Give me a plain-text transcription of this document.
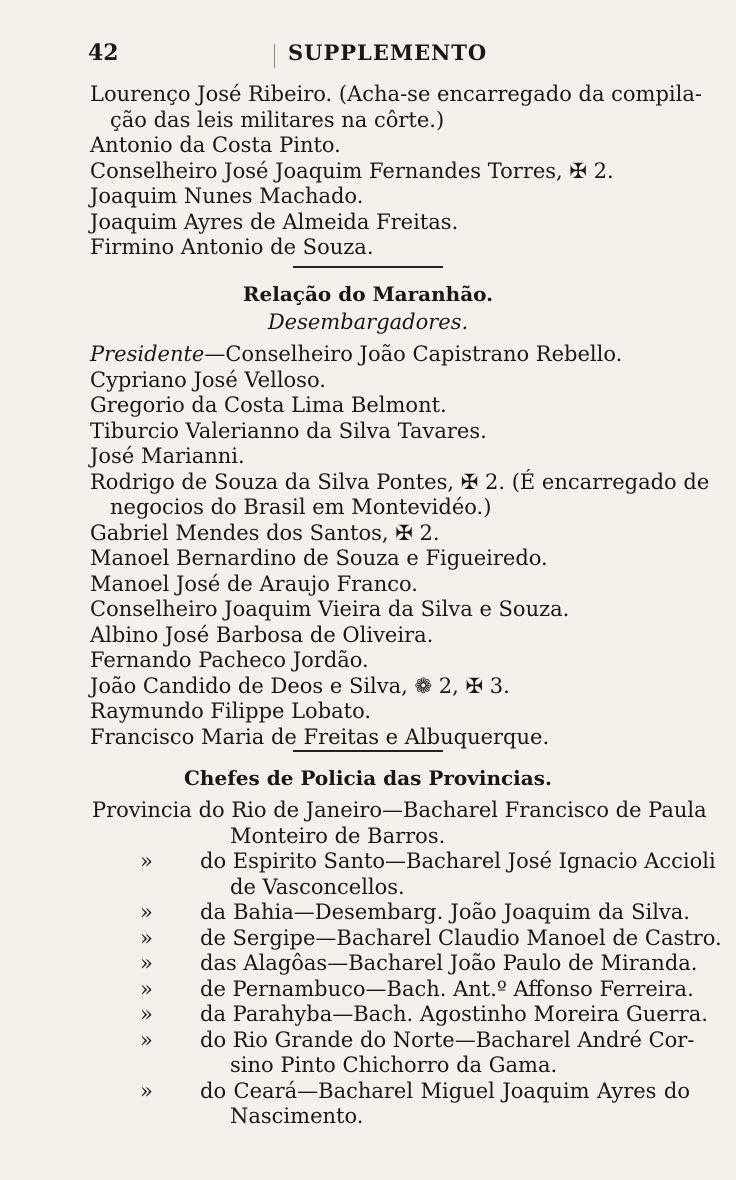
42	SUPPLEMENTO
Lourenço José Ribeiro. (Acha-se encarregado da compila-
ção das leis militares na côrte.)
Antonio da Costa Pinto.
Conselheiro José Joaquim Fernandes Torres, ✠ 2.
Joaquim Nunes Machado.
Joaquim Ayres de Almeida Freitas.
Firmino Antonio de Souza.
Relação do Maranhão.
Desembargadores.
Presidente—Conselheiro João Capistrano Rebello.
Cypriano José Velloso.
Gregorio da Costa Lima Belmont.
Tiburcio Valerianno da Silva Tavares.
José Marianni.
Rodrigo de Souza da Silva Pontes, ✠ 2. (É encarregado de
negocios do Brasil em Montevidéo.)
Gabriel Mendes dos Santos, ✠ 2.
Manoel Bernardino de Souza e Figueiredo.
Manoel José de Araujo Franco.
Conselheiro Joaquim Vieira da Silva e Souza.
Albino José Barbosa de Oliveira.
Fernando Pacheco Jordão.
João Candido de Deos e Silva, ❁ 2, ✠ 3.
Raymundo Filippe Lobato.
Francisco Maria de Freitas e Albuquerque.
Chefes de Policia das Provincias.
Provincia do Rio de Janeiro—Bacharel Francisco de Paula
Monteiro de Barros.
» do Espirito Santo—Bacharel José Ignacio Accioli
de Vasconcellos.
» da Bahia—Desembarg. João Joaquim da Silva.
» de Sergipe—Bacharel Claudio Manoel de Castro.
» das Alagôas—Bacharel João Paulo de Miranda.
» de Pernambuco—Bach. Ant.º Affonso Ferreira.
» da Parahyba—Bach. Agostinho Moreira Guerra.
» do Rio Grande do Norte—Bacharel André Cor-
sino Pinto Chichorro da Gama.
» do Ceará—Bacharel Miguel Joaquim Ayres do
Nascimento.
